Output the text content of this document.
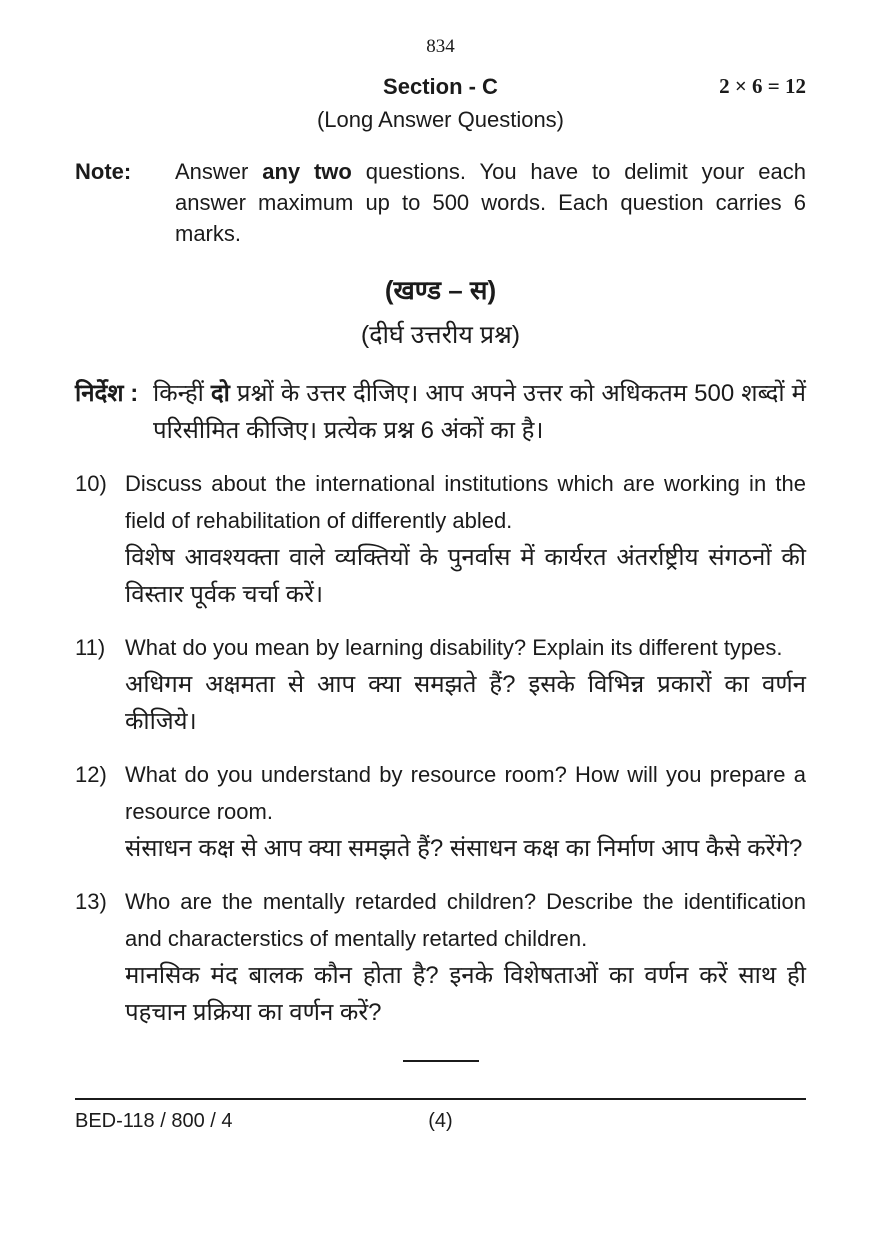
834
Section - C	2 × 6 = 12
(Long Answer Questions)
Note:	Answer any two questions. You have to delimit your each answer maximum up to 500 words. Each question carries 6 marks.
(खण्ड – स)
(दीर्घ उत्तरीय प्रश्न)
निर्देश : किन्हीं दो प्रश्नों के उत्तर दीजिए। आप अपने उत्तर को अधिकतम 500 शब्दों में परिसीमित कीजिए। प्रत्येक प्रश्न 6 अंकों का है।
10) Discuss about the international institutions which are working in the field of rehabilitation of differently abled.

विशेष आवश्यक्ता वाले व्यक्तियों के पुनर्वास में कार्यरत अंतर्राष्ट्रीय संगठनों की विस्तार पूर्वक चर्चा करें।

11) What do you mean by learning disability? Explain its different types.

अधिगम अक्षमता से आप क्या समझते हैं? इसके विभिन्न प्रकारों का वर्णन कीजिये।

12) What do you understand by resource room? How will you prepare a resource room.

संसाधन कक्ष से आप क्या समझते हैं? संसाधन कक्ष का निर्माण आप कैसे करेंगे?

13) Who are the mentally retarded children? Describe the identification and characterstics of mentally retarted children.

मानसिक मंद बालक कौन होता है? इनके विशेषताओं का वर्णन करें साथ ही पहचान प्रक्रिया का वर्णन करें?

BED-118 / 800 / 4	(4)
